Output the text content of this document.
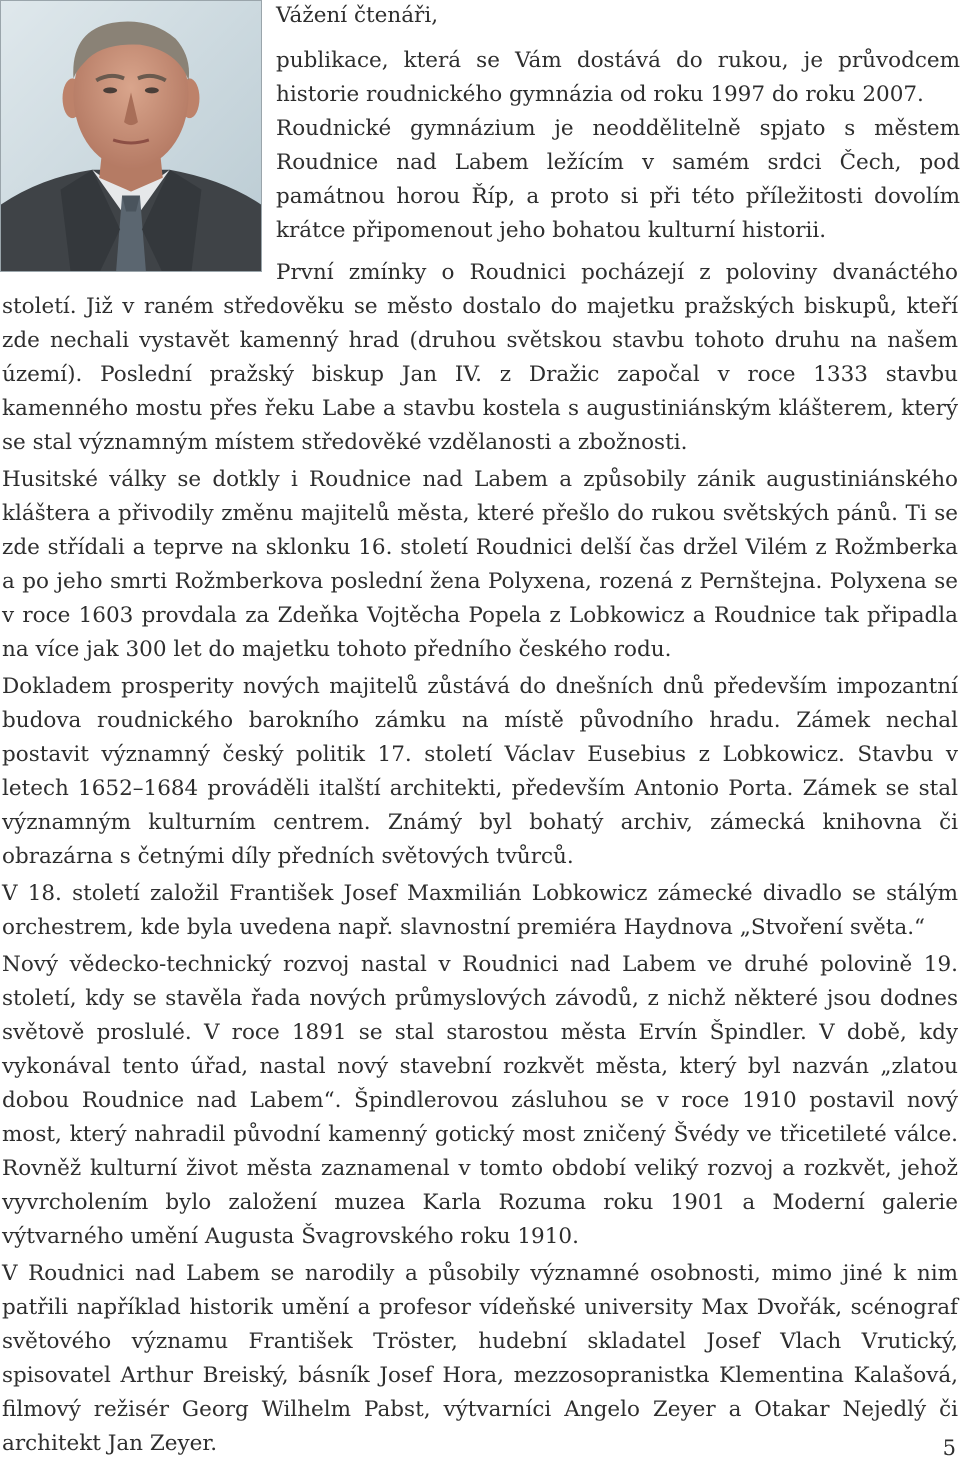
Vážení čtenáři,

publikace, která se Vám dostává do rukou, je průvodcem historie roudnického gymnázia od roku 1997 do roku 2007.

Roudnické gymnázium je neoddělitelně spjato s městem Roudnice nad Labem ležícím v samém srdci Čech, pod památnou horou Říp, a proto si při této příležitosti dovolím krátce připomenout jeho bohatou kulturní historii.

První zmínky o Roudnici pocházejí z poloviny dvanáctého století. Již v raném středověku se město dostalo do majetku pražských biskupů, kteří zde nechali vystavět kamenný hrad (druhou světskou stavbu tohoto druhu na našem území). Poslední pražský biskup Jan IV. z Dražic započal v roce 1333 stavbu kamenného mostu přes řeku Labe a stavbu kostela s augustiniánským klášterem, který se stal významným místem středověké vzdělanosti a zbožnosti.

Husitské války se dotkly i Roudnice nad Labem a způsobily zánik augustiniánského kláštera a přivodily změnu majitelů města, které přešlo do rukou světských pánů. Ti se zde střídali a teprve na sklonku 16. století Roudnici delší čas držel Vilém z Rožmberka a po jeho smrti Rožmberkova poslední žena Polyxena, rozená z Pernštejna. Polyxena se v roce 1603 provdala za Zdeňka Vojtěcha Popela z Lobkowicz a Roudnice tak připadla na více jak 300 let do majetku tohoto předního českého rodu.

Dokladem prosperity nových majitelů zůstává do dnešních dnů především impozantní budova roudnického barokního zámku na místě původního hradu. Zámek nechal postavit významný český politik 17. století Václav Eusebius z Lobkowicz. Stavbu v letech 1652–1684 prováděli italští architekti, především Antonio Porta. Zámek se stal významným kulturním centrem. Známý byl bohatý archiv, zámecká knihovna či obrazárna s četnými díly předních světových tvůrců.

V 18. století založil František Josef Maxmilián Lobkowicz zámecké divadlo se stálým orchestrem, kde byla uvedena např. slavnostní premiéra Haydnova „Stvoření světa.“

Nový vědecko-technický rozvoj nastal v Roudnici nad Labem ve druhé polovině 19. století, kdy se stavěla řada nových průmyslových závodů, z nichž některé jsou dodnes světově proslulé. V roce 1891 se stal starostou města Ervín Špindler. V době, kdy vykonával tento úřad, nastal nový stavební rozkvět města, který byl nazván „zlatou dobou Roudnice nad Labem“. Špindlerovou zásluhou se v roce 1910 postavil nový most, který nahradil původní kamenný gotický most zničený Švédy ve třicetileté válce. Rovněž kulturní život města zaznamenal v tomto období veliký rozvoj a rozkvět, jehož vyvrcholením bylo založení muzea Karla Rozuma roku 1901 a Moderní galerie výtvarného umění Augusta Švagrovského roku 1910.

V Roudnici nad Labem se narodily a působily významné osobnosti, mimo jiné k nim patřili například historik umění a profesor vídeňské university Max Dvořák, scénograf světového významu František Tröster, hudební skladatel Josef Vlach Vrutický, spisovatel Arthur Breiský, básník Josef Hora, mezzosopranistka Klementina Kalašová, filmový režisér Georg Wilhelm Pabst, výtvarníci Angelo Zeyer a Otakar Nejedlý či architekt Jan Zeyer.	5
